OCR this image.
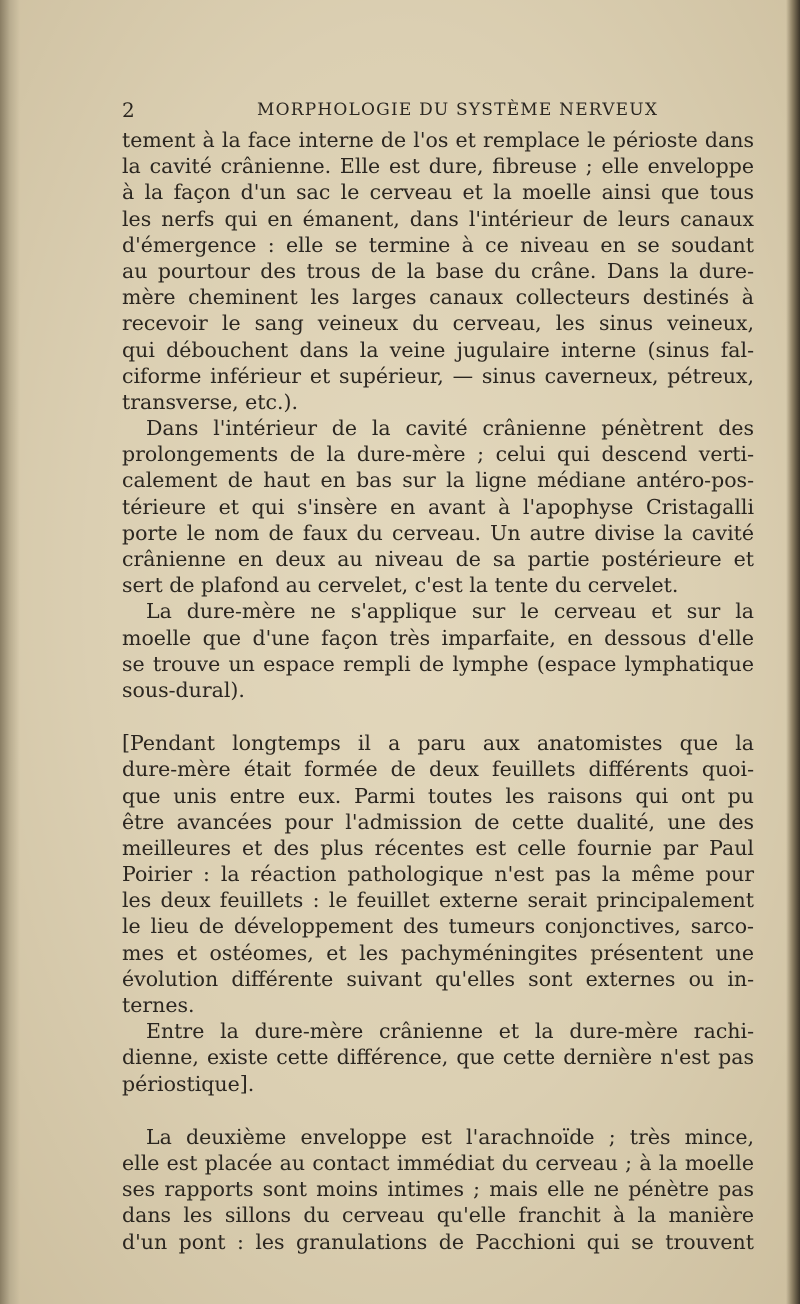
2	MORPHOLOGIE DU SYSTÈME NERVEUX
tement à la face interne de l'os et remplace le périoste dans
la cavité crânienne. Elle est dure, fibreuse ; elle enveloppe
à la façon d'un sac le cerveau et la moelle ainsi que tous
les nerfs qui en émanent, dans l'intérieur de leurs canaux
d'émergence : elle se termine à ce niveau en se soudant
au pourtour des trous de la base du crâne. Dans la dure-
mère cheminent les larges canaux collecteurs destinés à
recevoir le sang veineux du cerveau, les sinus veineux,
qui débouchent dans la veine jugulaire interne (sinus fal-
ciforme inférieur et supérieur, — sinus caverneux, pétreux,
transverse, etc.).
Dans l'intérieur de la cavité crânienne pénètrent des
prolongements de la dure-mère ; celui qui descend verti-
calement de haut en bas sur la ligne médiane antéro-pos-
térieure et qui s'insère en avant à l'apophyse Cristagalli
porte le nom de faux du cerveau. Un autre divise la cavité
crânienne en deux au niveau de sa partie postérieure et
sert de plafond au cervelet, c'est la tente du cervelet.
La dure-mère ne s'applique sur le cerveau et sur la
moelle que d'une façon très imparfaite, en dessous d'elle
se trouve un espace rempli de lymphe (espace lymphatique
sous-dural).
[Pendant longtemps il a paru aux anatomistes que la
dure-mère était formée de deux feuillets différents quoi-
que unis entre eux. Parmi toutes les raisons qui ont pu
être avancées pour l'admission de cette dualité, une des
meilleures et des plus récentes est celle fournie par Paul
Poirier : la réaction pathologique n'est pas la même pour
les deux feuillets : le feuillet externe serait principalement
le lieu de développement des tumeurs conjonctives, sarco-
mes et ostéomes, et les pachyméningites présentent une
évolution différente suivant qu'elles sont externes ou in-
ternes.
Entre la dure-mère crânienne et la dure-mère rachi-
dienne, existe cette différence, que cette dernière n'est pas
périostique].
La deuxième enveloppe est l'arachnoïde ; très mince,
elle est placée au contact immédiat du cerveau ; à la moelle
ses rapports sont moins intimes ; mais elle ne pénètre pas
dans les sillons du cerveau qu'elle franchit à la manière
d'un pont : les granulations de Pacchioni qui se trouvent
